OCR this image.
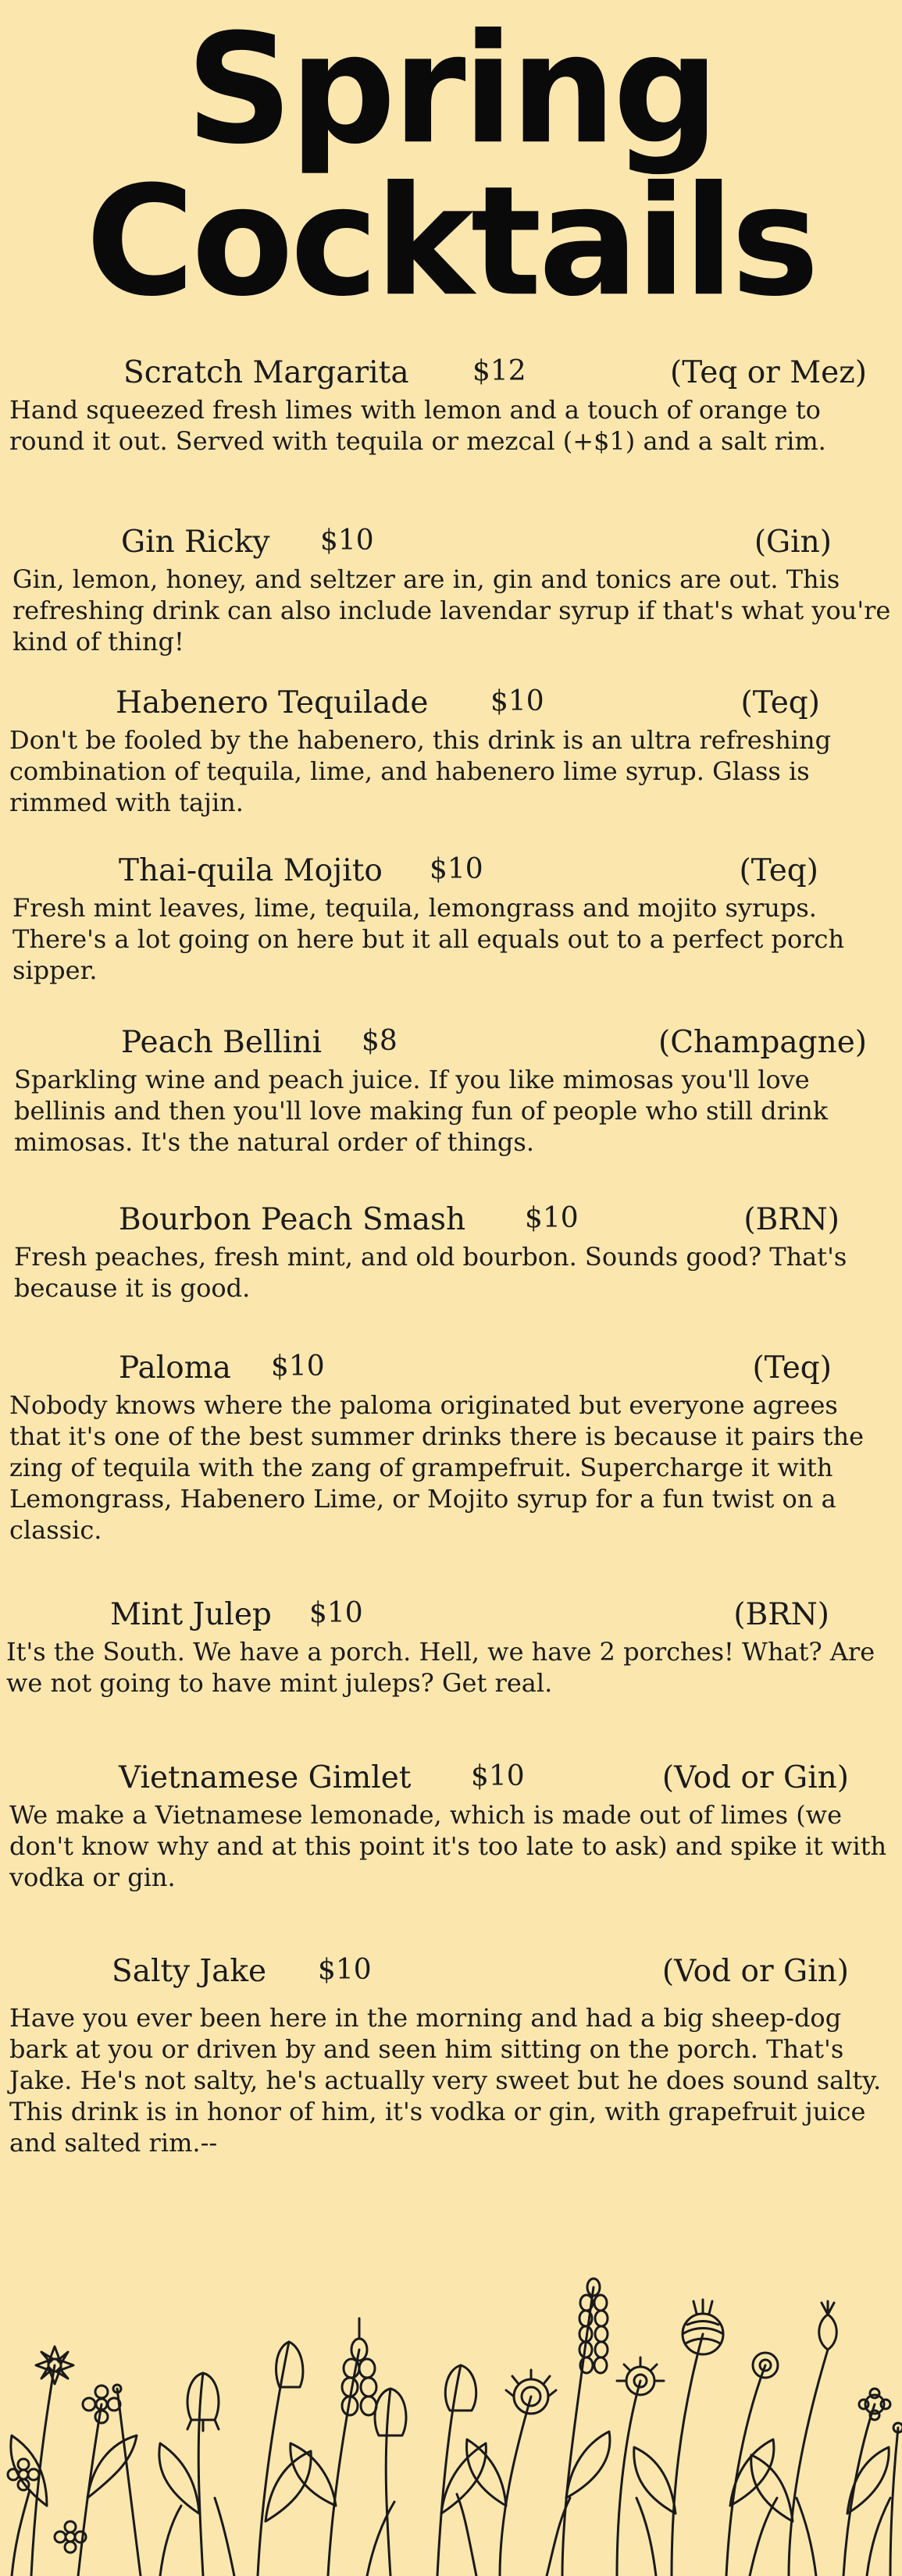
Spring
Cocktails
Scratch Margarita $12	(Teq or Mez)

Hand squeezed fresh limes with lemon and a touch of orange to round it out. Served with tequila or mezcal (+$1) and a salt rim.

Gin Ricky $10	(Gin)

Gin, lemon, honey, and seltzer are in, gin and tonics are out. This refreshing drink can also include lavendar syrup if that's what you're kind of thing!

Habenero Tequilade $10	(Teq)

Don't be fooled by the habenero, this drink is an ultra refreshing combination of tequila, lime, and habenero lime syrup. Glass is rimmed with tajin.

Thai-quila Mojito $10	(Teq)

Fresh mint leaves, lime, tequila, lemongrass and mojito syrups. There's a lot going on here but it all equals out to a perfect porch sipper.

Peach Bellini $8	(Champagne)

Sparkling wine and peach juice. If you like mimosas you'll love bellinis and then you'll love making fun of people who still drink mimosas. It's the natural order of things.

Bourbon Peach Smash $10	(BRN)

Fresh peaches, fresh mint, and old bourbon. Sounds good? That's because it is good.

Paloma $10	(Teq)

Nobody knows where the paloma originated but everyone agrees that it's one of the best summer drinks there is because it pairs the zing of tequila with the zang of grampefruit. Supercharge it with Lemongrass, Habenero Lime, or Mojito syrup for a fun twist on a classic.

Mint Julep $10	(BRN)

It's the South. We have a porch. Hell, we have 2 porches! What? Are we not going to have mint juleps? Get real.

Vietnamese Gimlet $10	(Vod or Gin)

We make a Vietnamese lemonade, which is made out of limes (we don't know why and at this point it's too late to ask) and spike it with vodka or gin.

Salty Jake $10	(Vod or Gin)

Have you ever been here in the morning and had a big sheep-dog bark at you or driven by and seen him sitting on the porch. That's Jake. He's not salty, he's actually very sweet but he does sound salty. This drink is in honor of him, it's vodka or gin, with grapefruit juice and salted rim.--
